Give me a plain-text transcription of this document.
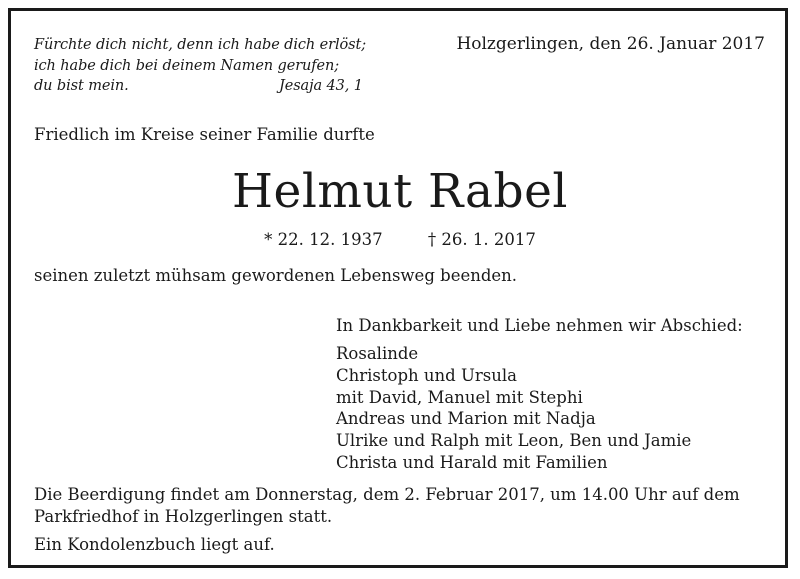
Fürchte dich nicht, denn ich habe dich erlöst;
ich habe dich bei deinem Namen gerufen;
du bist mein.	Jesaja 43, 1
Holzgerlingen, den 26. Januar 2017
Friedlich im Kreise seiner Familie durfte
Helmut Rabel
* 22. 12. 1937	† 26. 1. 2017
seinen zuletzt mühsam gewordenen Lebensweg beenden.
In Dankbarkeit und Liebe nehmen wir Abschied:
Rosalinde
Christoph und Ursula
mit David, Manuel mit Stephi
Andreas und Marion mit Nadja
Ulrike und Ralph mit Leon, Ben und Jamie
Christa und Harald mit Familien
Die Beerdigung findet am Donnerstag, dem 2. Februar 2017, um 14.00 Uhr auf dem
Parkfriedhof in Holzgerlingen statt.
Ein Kondolenzbuch liegt auf.
